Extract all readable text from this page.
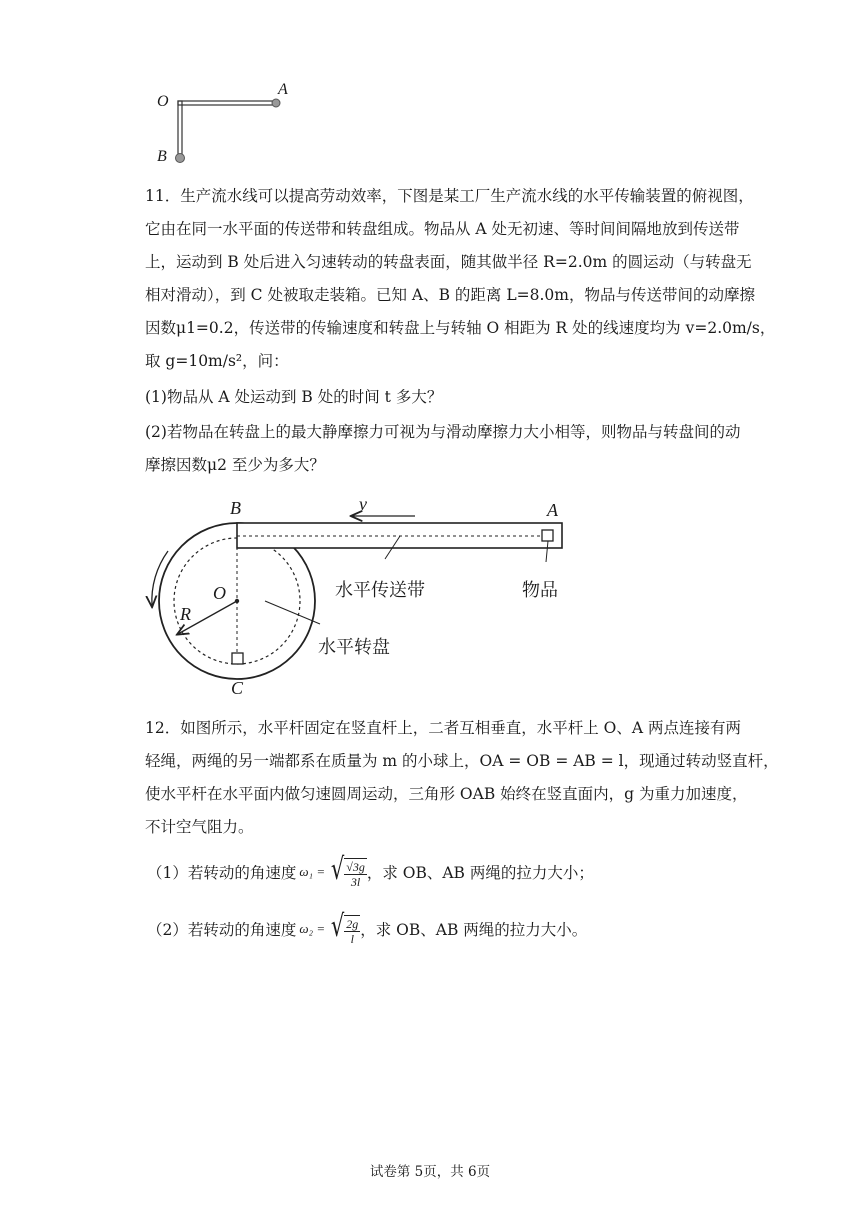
O
A
B
11．生产流水线可以提高劳动效率，下图是某工厂生产流水线的水平传输装置的俯视图，
它由在同一水平面的传送带和转盘组成。物品从 A 处无初速、等时间间隔地放到传送带
上，运动到 B 处后进入匀速转动的转盘表面，随其做半径 R=2.0m 的圆运动（与转盘无
相对滑动），到 C 处被取走装箱。已知 A、B 的距离 L=8.0m，物品与传送带间的动摩擦
因数μ1=0.2，传送带的传输速度和转盘上与转轴 O 相距为 R 处的线速度均为 v=2.0m/s，
取 g=10m/s²，问：
(1)物品从 A 处运动到 B 处的时间 t 多大？
(2)若物品在转盘上的最大静摩擦力可视为与滑动摩擦力大小相等，则物品与转盘间的动
摩擦因数μ2 至少为多大？
B	A
v
O
R
C
水平传送带	物品
水平转盘
12．如图所示，水平杆固定在竖直杆上，二者互相垂直，水平杆上 O、A 两点连接有两
轻绳，两绳的另一端都系在质量为 m 的小球上，OA = OB = AB = l，现通过转动竖直杆，
使水平杆在水平面内做匀速圆周运动，三角形 OAB 始终在竖直面内，g 为重力加速度，
不计空气阻力。
（1）若转动的角速度 ω₁ = √ $\frac{√3g}{3l}$ ，求 OB、AB 两绳的拉力大小；
（2）若转动的角速度 ω₂ = √ $\frac{2g}{l}$ ，求 OB、AB 两绳的拉力大小。
试卷第 5页，共 6页
